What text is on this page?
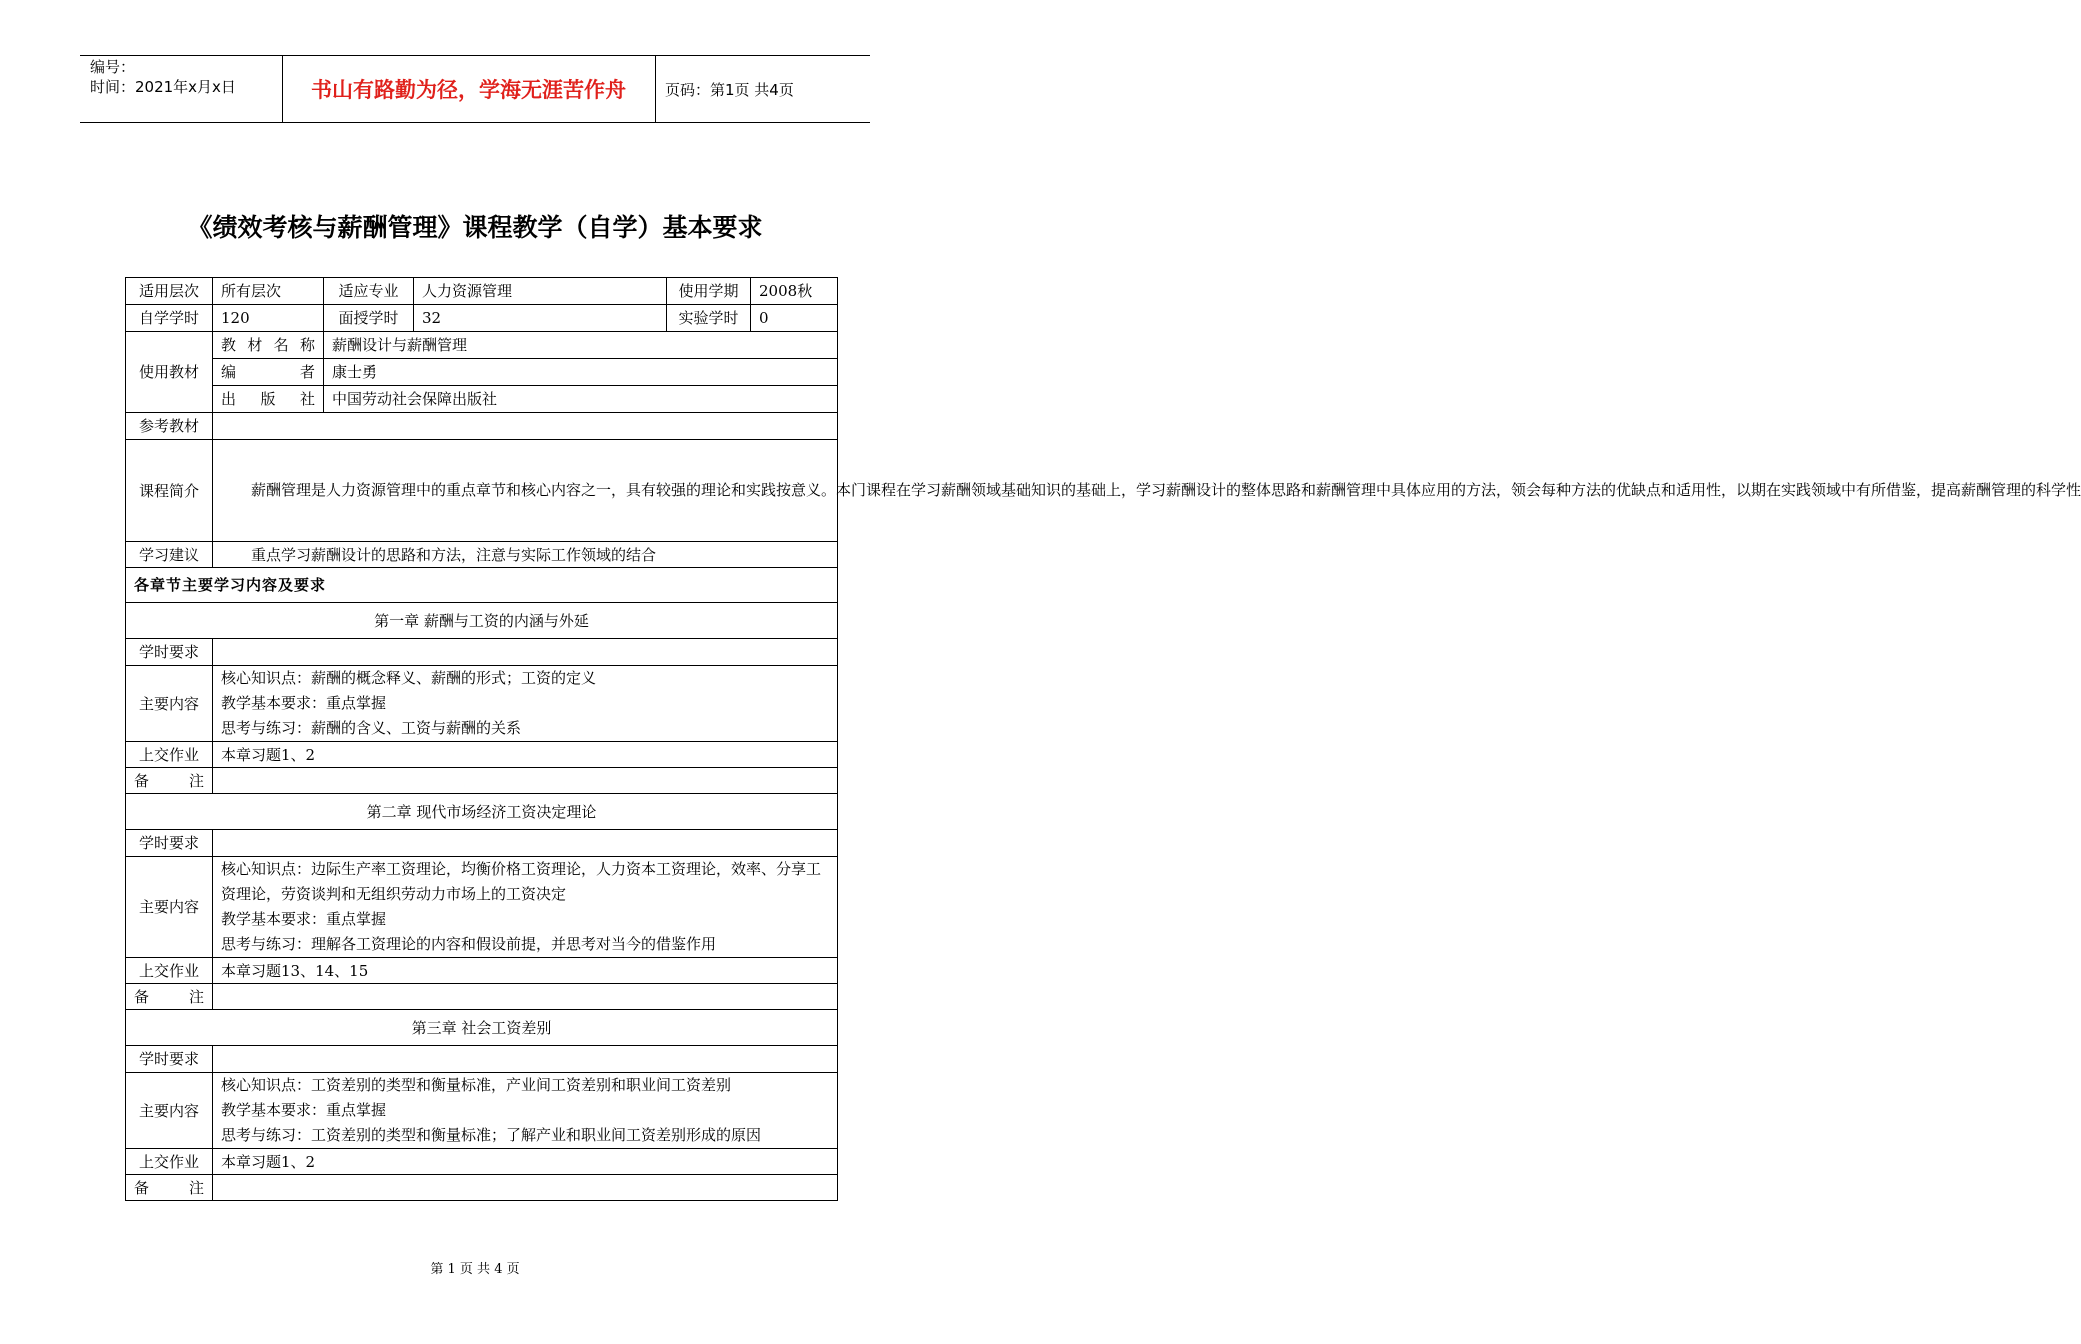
编号：
时间：2021年x月x日	书山有路勤为径，学海无涯苦作舟	页码：第1页 共4页
《绩效考核与薪酬管理》课程教学（自学）基本要求
适用层次	所有层次	适应专业	人力资源管理	使用学期	2008秋
自学学时	120	面授学时	32	实验学时	0
使用教材	教材名称	薪酬设计与薪酬管理			
	编 者	康士勇			
	出 版 社	中国劳动社会保障出版社			
参考教材					
课程简介	薪酬管理是人力资源管理中的重点章节和核心内容之一，具有较强的理论和实践按意义。本门课程在学习薪酬领域基础知识的基础上，学习薪酬设计的整体思路和薪酬管理中具体应用的方法，领会每种方法的优缺点和适用性，以期在实践领域中有所借鉴，提高薪酬管理的科学性				
学习建议	重点学习薪酬设计的思路和方法，注意与实际工作领域的结合				
各章节主要学习内容及要求					
第一章 薪酬与工资的内涵与外延					
学时要求					
主要内容	核心知识点：薪酬的概念释义、薪酬的形式；工资的定义
教学基本要求：重点掌握
思考与练习：薪酬的含义、工资与薪酬的关系				

上交作业	本章习题1、2				
备 注					
第二章 现代市场经济工资决定理论					
学时要求					
主要内容	核心知识点：边际生产率工资理论，均衡价格工资理论，人力资本工资理论，效率、分享工资理论，劳资谈判和无组织劳动力市场上的工资决定
教学基本要求：重点掌握
思考与练习：理解各工资理论的内容和假设前提，并思考对当今的借鉴作用				

上交作业	本章习题13、14、15				
备 注					
第三章 社会工资差别					
学时要求					
主要内容	核心知识点：工资差别的类型和衡量标准，产业间工资差别和职业间工资差别
教学基本要求：重点掌握
思考与练习：工资差别的类型和衡量标准；了解产业和职业间工资差别形成的原因				

上交作业	本章习题1、2				
备 注					
第 1 页 共 4 页
